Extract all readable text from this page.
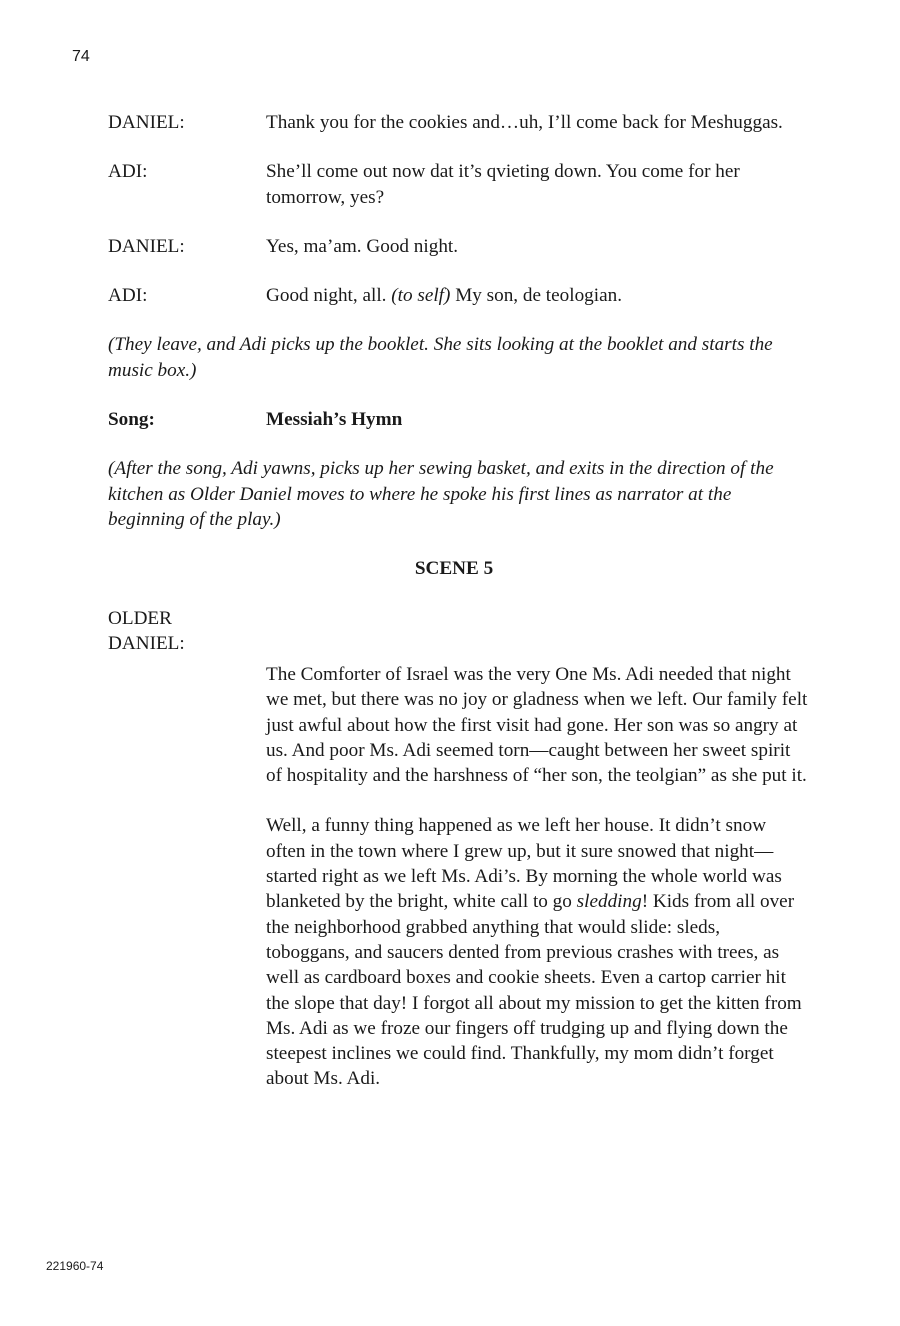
74
DANIEL:	Thank you for the cookies and…uh, I’ll come back for Meshuggas.
ADI:	She’ll come out now dat it’s qvieting down. You come for her tomorrow, yes?
DANIEL:	Yes, ma’am. Good night.
ADI:	Good night, all. (to self) My son, de teologian.
(They leave, and Adi picks up the booklet. She sits looking at the booklet and starts the music box.)
Song:	Messiah’s Hymn
(After the song, Adi yawns, picks up her sewing basket, and exits in the direction of the kitchen as Older Daniel moves to where he spoke his first lines as narrator at the beginning of the play.)
SCENE 5
OLDER
DANIEL:
The Comforter of Israel was the very One Ms. Adi needed that night we met, but there was no joy or gladness when we left. Our family felt just awful about how the first visit had gone. Her son was so angry at us. And poor Ms. Adi seemed torn—caught between her sweet spirit of hospitality and the harshness of “her son, the teolgian” as she put it.
Well, a funny thing happened as we left her house. It didn’t snow often in the town where I grew up, but it sure snowed that night—started right as we left Ms. Adi’s. By morning the whole world was blanketed by the bright, white call to go sledding! Kids from all over the neighborhood grabbed anything that would slide: sleds, toboggans, and saucers dented from previous crashes with trees, as well as cardboard boxes and cookie sheets. Even a cartop carrier hit the slope that day! I forgot all about my mission to get the kitten from Ms. Adi as we froze our fingers off trudging up and flying down the steepest inclines we could find. Thankfully, my mom didn’t forget about Ms. Adi.
221960-74
